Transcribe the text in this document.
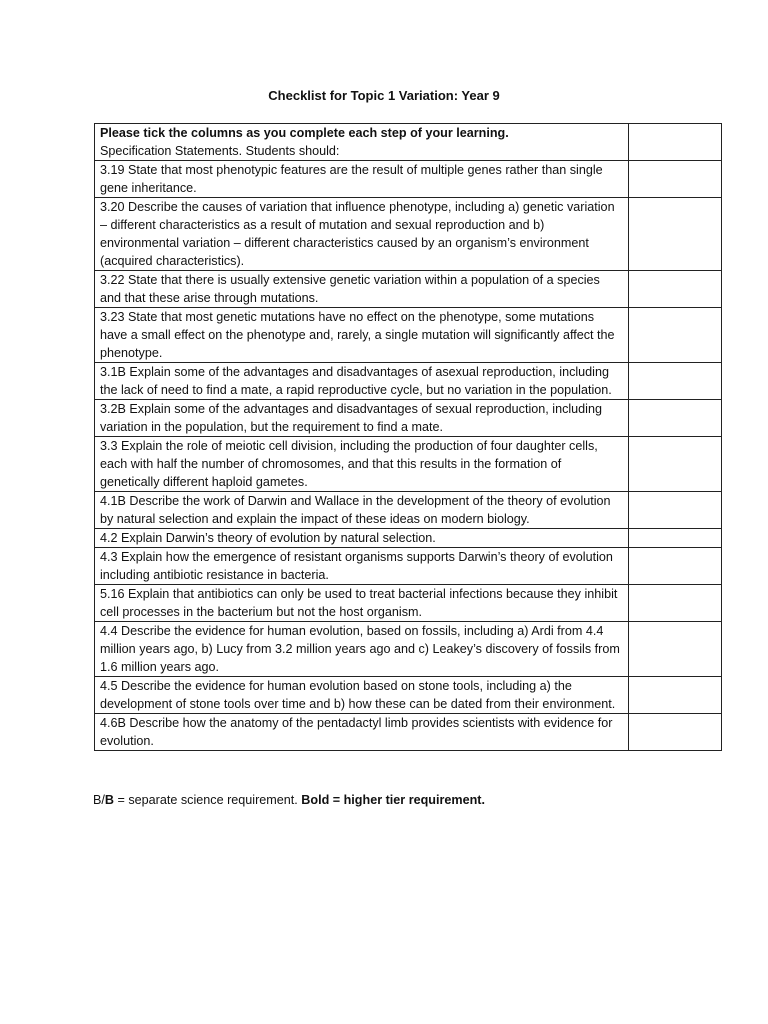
Checklist for Topic 1 Variation: Year 9
Please tick the columns as you complete each step of your learning.
Specification Statements. Students should:	
3.19 State that most phenotypic features are the result of multiple genes rather than single gene inheritance.	
3.20 Describe the causes of variation that influence phenotype, including a) genetic variation – different characteristics as a result of mutation and sexual reproduction and b) environmental variation – different characteristics caused by an organism’s environment (acquired characteristics).	
3.22 State that there is usually extensive genetic variation within a population of a species and that these arise through mutations.	
3.23 State that most genetic mutations have no effect on the phenotype, some mutations have a small effect on the phenotype and, rarely, a single mutation will significantly affect the phenotype.	
3.1B Explain some of the advantages and disadvantages of asexual reproduction, including the lack of need to find a mate, a rapid reproductive cycle, but no variation in the population.	
3.2B Explain some of the advantages and disadvantages of sexual reproduction, including variation in the population, but the requirement to find a mate.	
3.3 Explain the role of meiotic cell division, including the production of four daughter cells, each with half the number of chromosomes, and that this results in the formation of genetically different haploid gametes.	
4.1B Describe the work of Darwin and Wallace in the development of the theory of evolution by natural selection and explain the impact of these ideas on modern biology.	
4.2 Explain Darwin’s theory of evolution by natural selection.	
4.3 Explain how the emergence of resistant organisms supports Darwin’s theory of evolution including antibiotic resistance in bacteria.	
5.16 Explain that antibiotics can only be used to treat bacterial infections because they inhibit cell processes in the bacterium but not the host organism.	
4.4 Describe the evidence for human evolution, based on fossils, including a) Ardi from 4.4 million years ago, b) Lucy from 3.2 million years ago and c) Leakey’s discovery of fossils from 1.6 million years ago.	
4.5 Describe the evidence for human evolution based on stone tools, including a) the development of stone tools over time and b) how these can be dated from their environment.	
4.6B Describe how the anatomy of the pentadactyl limb provides scientists with evidence for evolution.	
B/B = separate science requirement. Bold = higher tier requirement.
